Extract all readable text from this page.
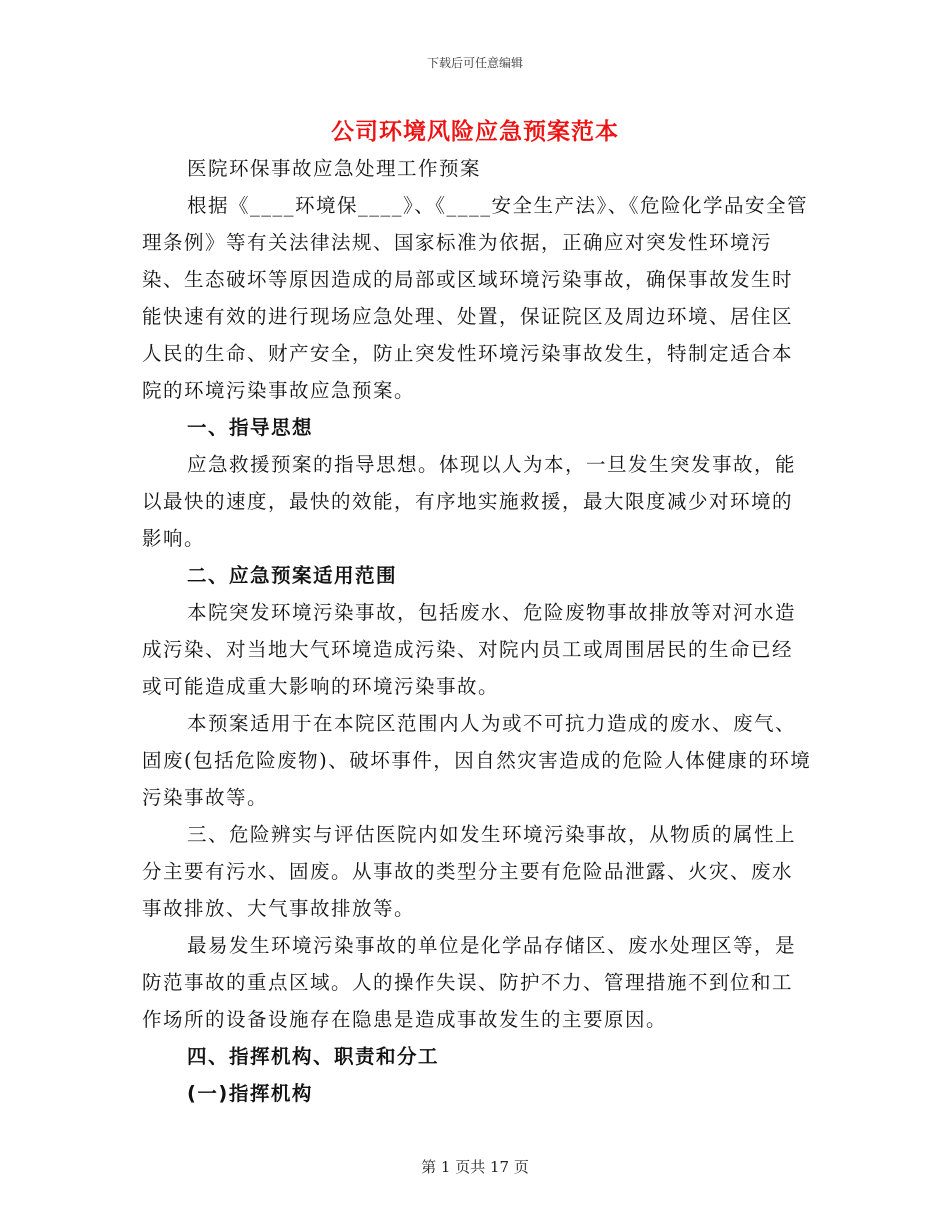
下载后可任意编辑
公司环境风险应急预案范本

医院环保事故应急处理工作预案

根据《____环境保____》、《____安全生产法》、《危险化学品安全管理条例》等有关法律法规、国家标准为依据，正确应对突发性环境污染、生态破坏等原因造成的局部或区域环境污染事故，确保事故发生时能快速有效的进行现场应急处理、处置，保证院区及周边环境、居住区人民的生命、财产安全，防止突发性环境污染事故发生，特制定适合本院的环境污染事故应急预案。

一、指导思想

应急救援预案的指导思想。体现以人为本，一旦发生突发事故，能以最快的速度，最快的效能，有序地实施救援，最大限度减少对环境的影响。

二、应急预案适用范围

本院突发环境污染事故，包括废水、危险废物事故排放等对河水造成污染、对当地大气环境造成污染、对院内员工或周围居民的生命已经或可能造成重大影响的环境污染事故。

本预案适用于在本院区范围内人为或不可抗力造成的废水、废气、固废(包括危险废物)、破坏事件，因自然灾害造成的危险人体健康的环境污染事故等。

三、危险辨实与评估医院内如发生环境污染事故，从物质的属性上分主要有污水、固废。从事故的类型分主要有危险品泄露、火灾、废水事故排放、大气事故排放等。

最易发生环境污染事故的单位是化学品存储区、废水处理区等，是防范事故的重点区域。人的操作失误、防护不力、管理措施不到位和工作场所的设备设施存在隐患是造成事故发生的主要原因。

四、指挥机构、职责和分工

(一)指挥机构

第 1 页共 17 页
